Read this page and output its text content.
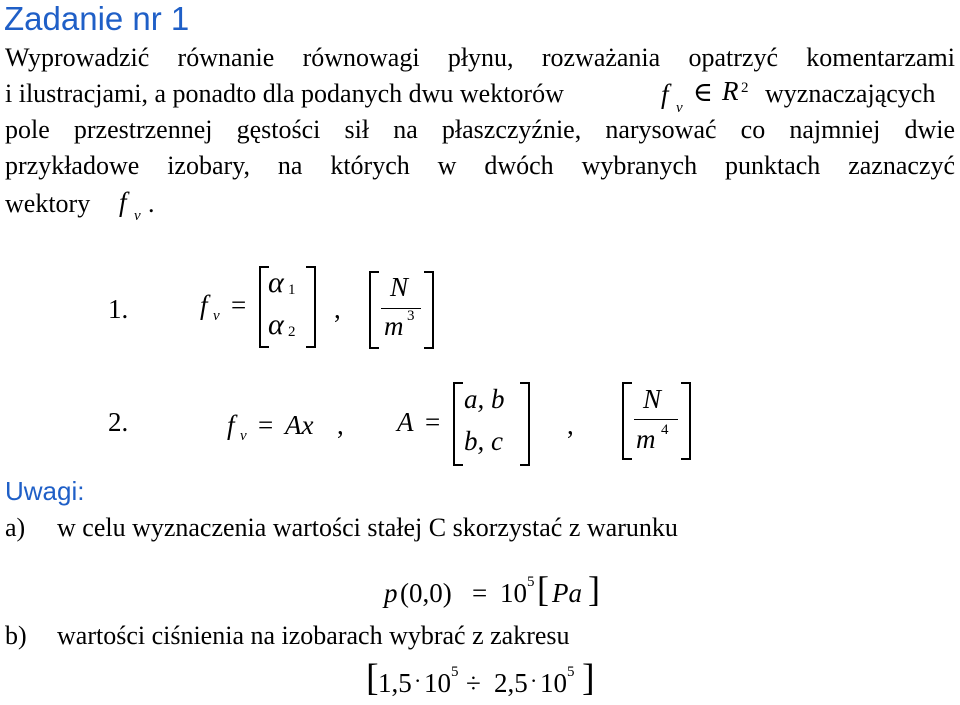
Zadanie nr 1
Wyprowadzić równanie równowagi płynu, rozważania opatrzyć komentarzami
i ilustracjami, a ponadto dla podanych dwu wektorów	f v
∈ R 2 wyznaczających
pole przestrzennej gęstości sił na płaszczyźnie, narysować co najmniej dwie
przykładowe izobary, na których w dwóch wybranych punktach zaznaczyć
wektory f v .
1.	f v =
α 1
α 2
,
N
m 3
2.	f v = Ax , A =
a, b
b, c
,
N
m 4
Uwagi:
a) w celu wyznaczenia wartości stałej C skorzystać z warunku
p (0,0) = 10 5 [ Pa ]
b) wartości ciśnienia na izobarach wybrać z zakresu
[ 1,5 · 10 5 ÷ 2,5 · 10 5 ]
